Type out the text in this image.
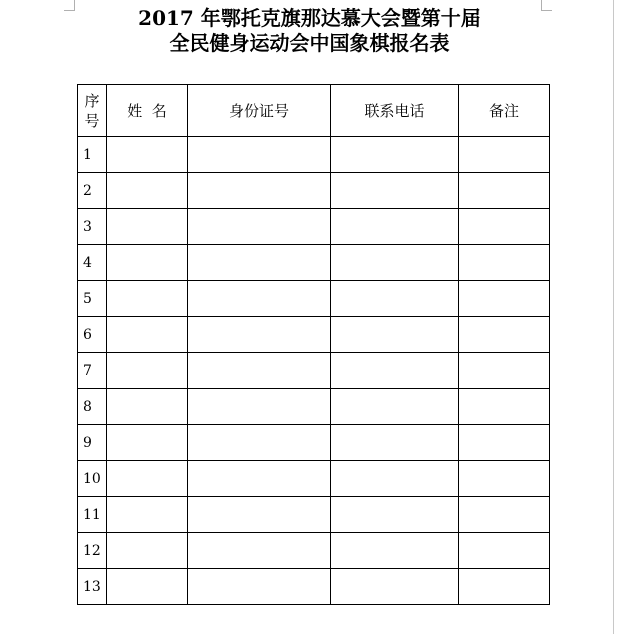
2017 年鄂托克旗那达慕大会暨第十届
全民健身运动会中国象棋报名表
序
号	姓  名	身份证号	联系电话	备注
1				
2				
3				
4				
5				
6				
7				
8				
9				
10				
11				
12				
13				
